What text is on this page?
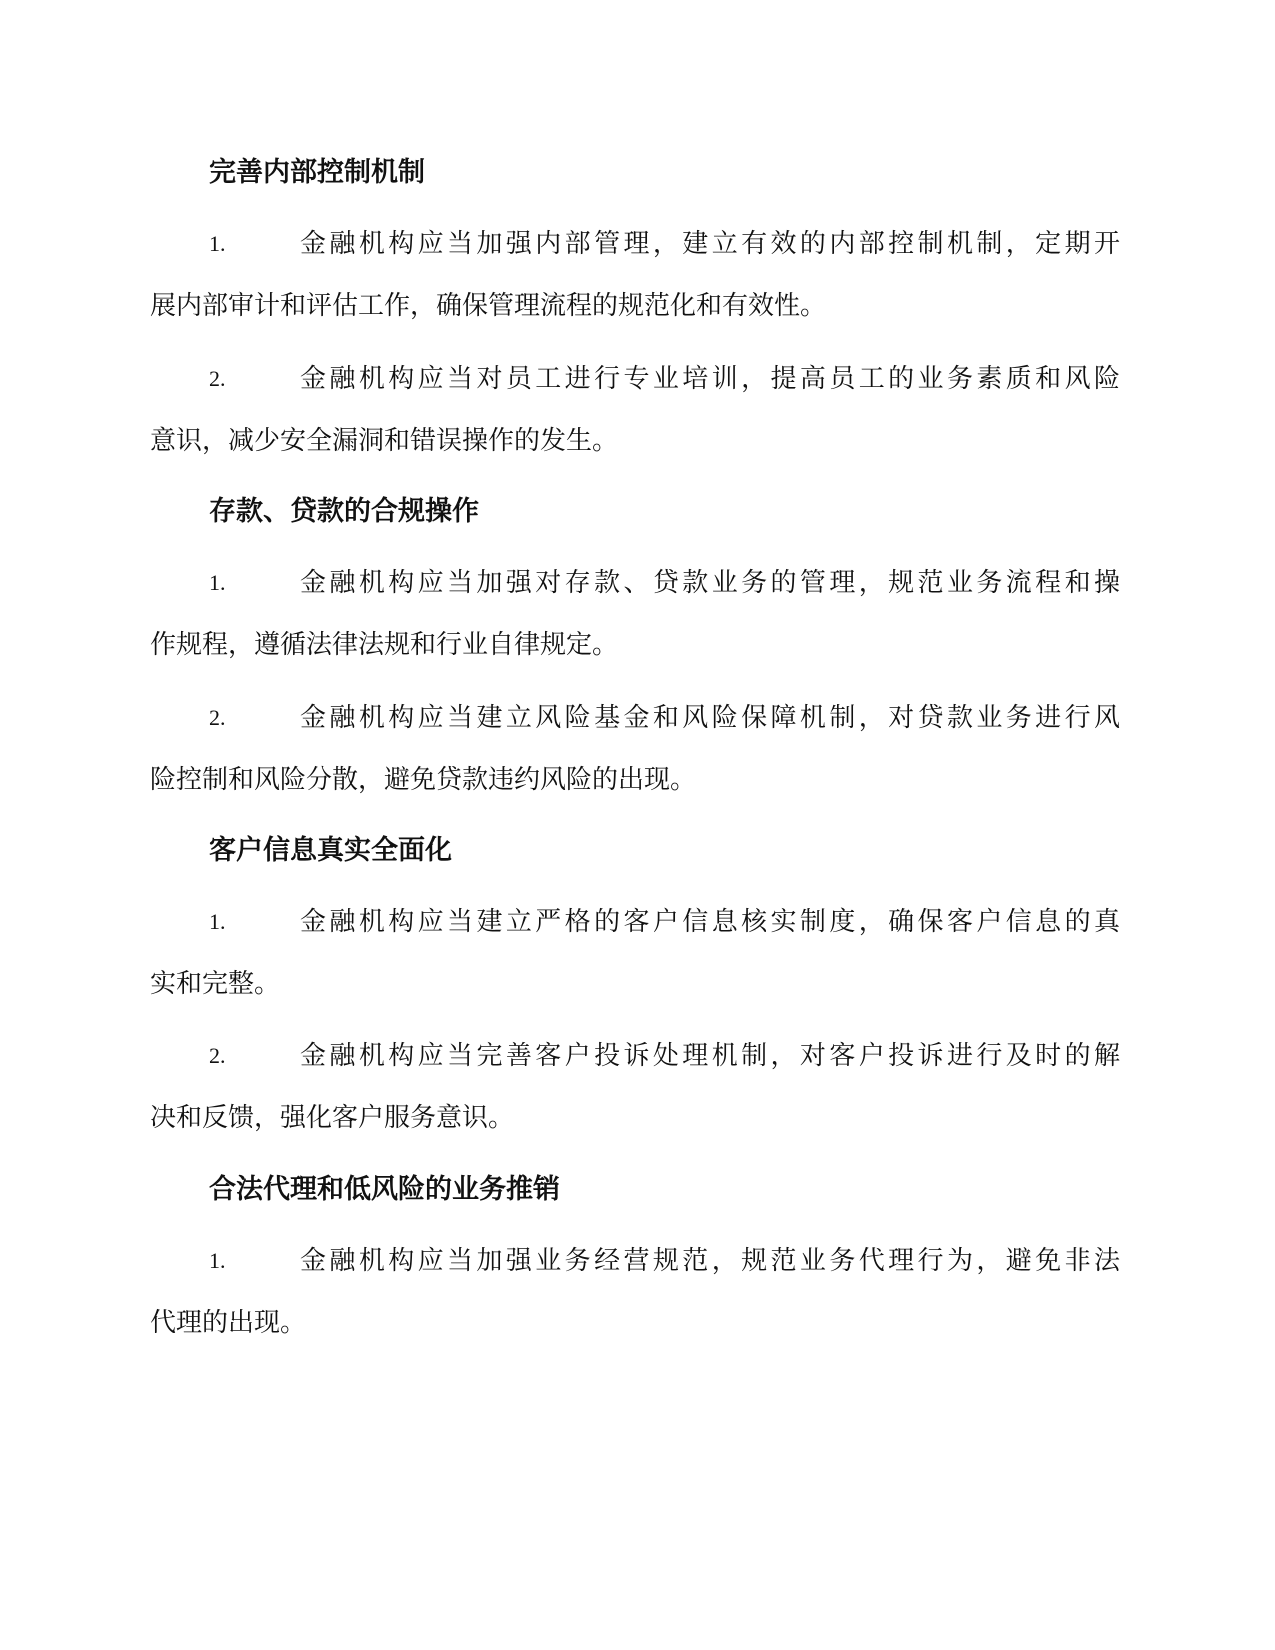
完善内部控制机制
1.	金融机构应当加强内部管理，建立有效的内部控制机制，定期开
展内部审计和评估工作，确保管理流程的规范化和有效性。
2.	金融机构应当对员工进行专业培训，提高员工的业务素质和风险
意识，减少安全漏洞和错误操作的发生。
存款、贷款的合规操作
1.	金融机构应当加强对存款、贷款业务的管理，规范业务流程和操
作规程，遵循法律法规和行业自律规定。
2.	金融机构应当建立风险基金和风险保障机制，对贷款业务进行风
险控制和风险分散，避免贷款违约风险的出现。
客户信息真实全面化
1.	金融机构应当建立严格的客户信息核实制度，确保客户信息的真
实和完整。
2.	金融机构应当完善客户投诉处理机制，对客户投诉进行及时的解
决和反馈，强化客户服务意识。
合法代理和低风险的业务推销
1.	金融机构应当加强业务经营规范，规范业务代理行为，避免非法
代理的出现。
